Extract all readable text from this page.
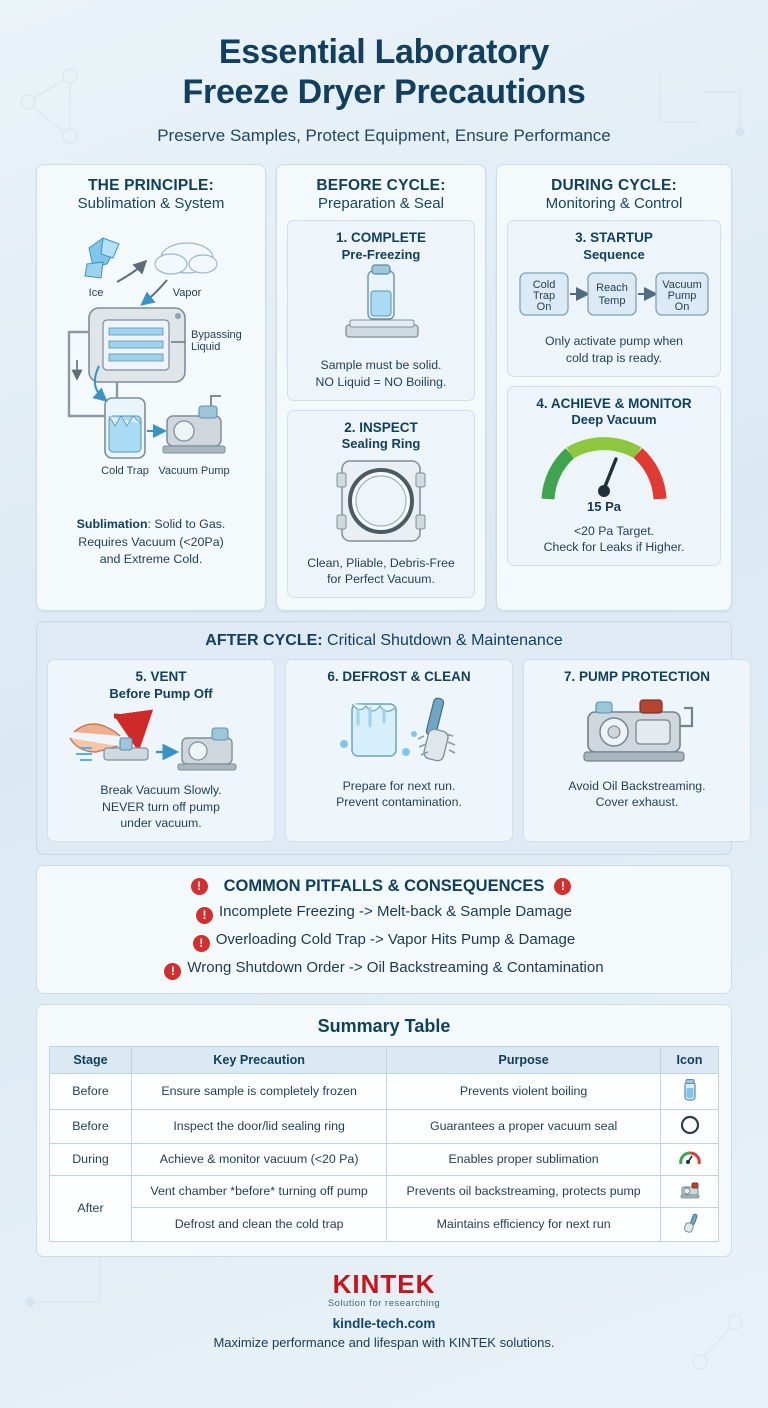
Essential Laboratory
Freeze Dryer Precautions
Preserve Samples, Protect Equipment, Ensure Performance
THE PRINCIPLE:
Sublimation & System
Ice	Vapor
Bypassing
Liquid
Cold Trap Vacuum Pump
Sublimation: Solid to Gas.
Requires Vacuum (<20Pa)
and Extreme Cold.
BEFORE CYCLE:
Preparation & Seal
1. COMPLETE
Pre-Freezing
Sample must be solid.
NO Liquid = NO Boiling.
2. INSPECT
Sealing Ring
Clean, Pliable, Debris-Free
for Perfect Vacuum.
DURING CYCLE:
Monitoring & Control
3. STARTUP
Sequence
Cold
Trap
On
Reach
Temp
Vacuum
Pump
On
Only activate pump when
cold trap is ready.
4. ACHIEVE & MONITOR
Deep Vacuum
15 Pa
<20 Pa Target.
Check for Leaks if Higher.
AFTER CYCLE: Critical Shutdown & Maintenance
5. VENT
Before Pump Off
Break Vacuum Slowly.
NEVER turn off pump
under vacuum.
6. DEFROST & CLEAN
Prepare for next run.
Prevent contamination.
7. PUMP PROTECTION
Avoid Oil Backstreaming.
Cover exhaust.
!	COMMON PITFALLS & CONSEQUENCES	!
! Incomplete Freezing -> Melt-back & Sample Damage
! Overloading Cold Trap -> Vapor Hits Pump & Damage
! Wrong Shutdown Order -> Oil Backstreaming & Contamination
Summary Table
Stage	Key Precaution	Purpose	Icon
Before	Ensure sample is completely frozen	Prevents violent boiling	
Before	Inspect the door/lid sealing ring	Guarantees a proper vacuum seal	
During	Achieve & monitor vacuum (<20 Pa)	Enables proper sublimation	
After	Vent chamber *before* turning off pump	Prevents oil backstreaming, protects pump	
	Defrost and clean the cold trap	Maintains efficiency for next run	
KINTEK
Solution for researching
kindle-tech.com
Maximize performance and lifespan with KINTEK solutions.
